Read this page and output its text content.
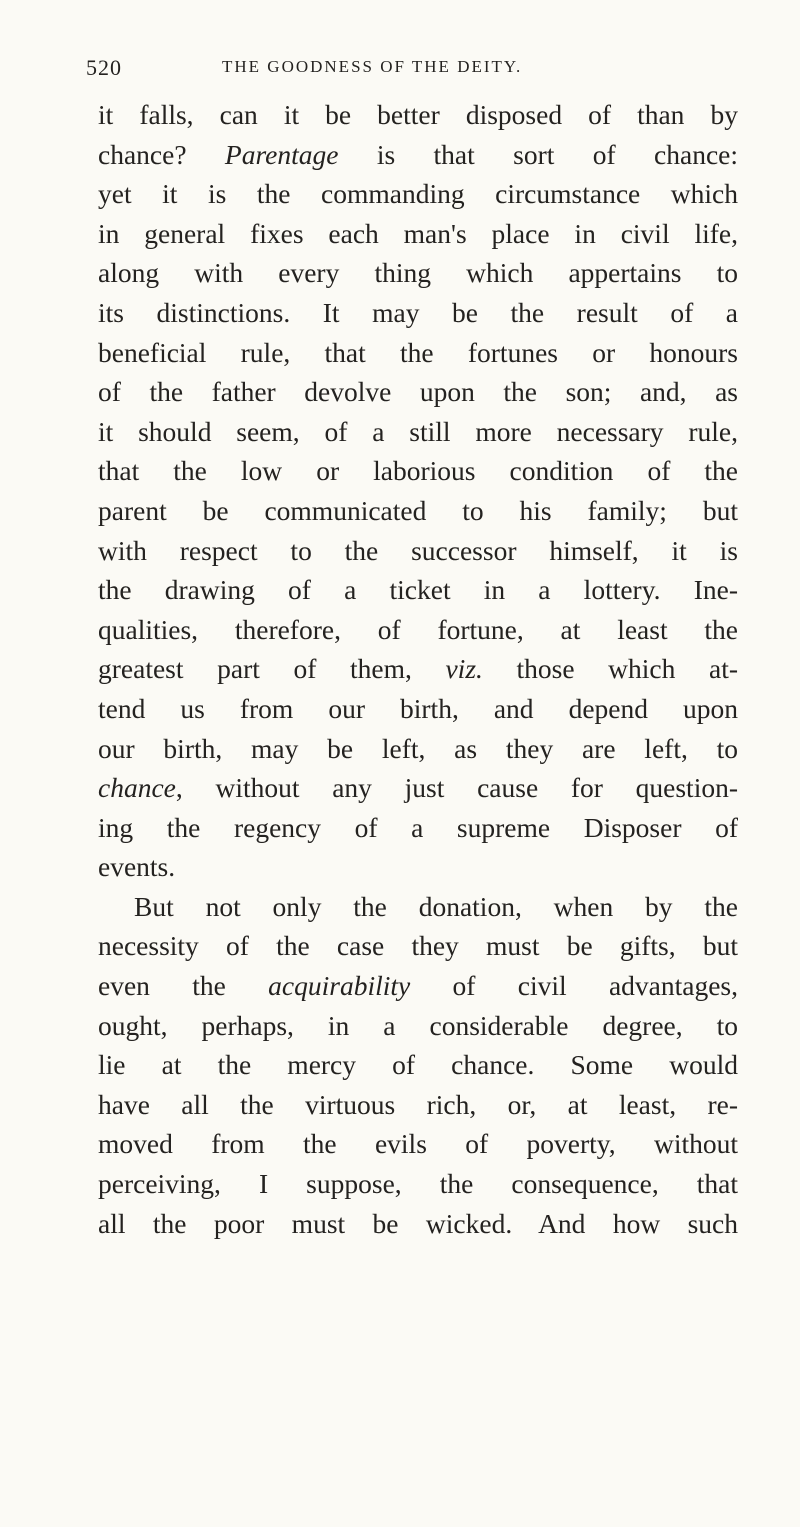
520	THE GOODNESS OF THE DEITY.
it falls, can it be better disposed of than by
chance? Parentage is that sort of chance:
yet it is the commanding circumstance which
in general fixes each man's place in civil life,
along with every thing which appertains to
its distinctions. It may be the result of a
beneficial rule, that the fortunes or honours
of the father devolve upon the son; and, as
it should seem, of a still more necessary rule,
that the low or laborious condition of the
parent be communicated to his family; but
with respect to the successor himself, it is
the drawing of a ticket in a lottery. Ine-
qualities, therefore, of fortune, at least the
greatest part of them, viz. those which at-
tend us from our birth, and depend upon
our birth, may be left, as they are left, to
chance, without any just cause for question-
ing the regency of a supreme Disposer of
events.
But not only the donation, when by the
necessity of the case they must be gifts, but
even the acquirability of civil advantages,
ought, perhaps, in a considerable degree, to
lie at the mercy of chance. Some would
have all the virtuous rich, or, at least, re-
moved from the evils of poverty, without
perceiving, I suppose, the consequence, that
all the poor must be wicked. And how such
